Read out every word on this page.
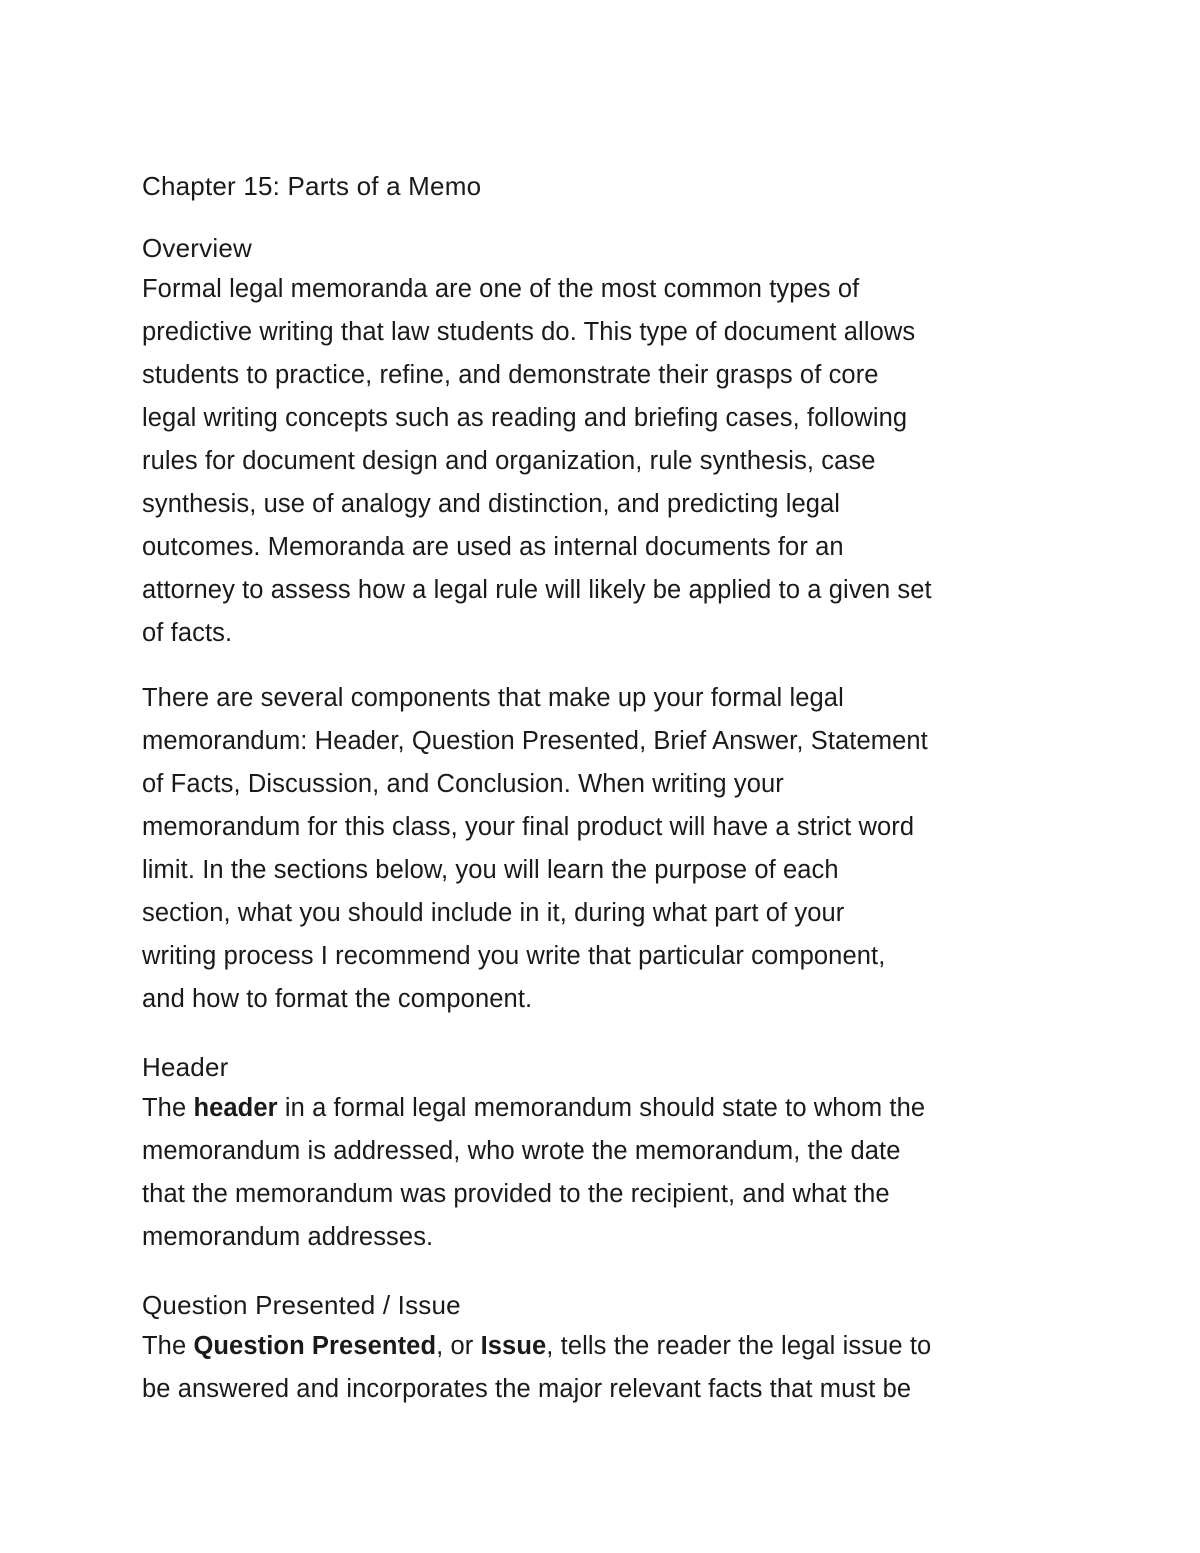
Chapter 15: Parts of a Memo
Overview

Formal legal memoranda are one of the most common types of
predictive writing that law students do. This type of document allows
students to practice, refine, and demonstrate their grasps of core
legal writing concepts such as reading and briefing cases, following
rules for document design and organization, rule synthesis, case
synthesis, use of analogy and distinction, and predicting legal
outcomes. Memoranda are used as internal documents for an
attorney to assess how a legal rule will likely be applied to a given set
of facts.

There are several components that make up your formal legal
memorandum: Header, Question Presented, Brief Answer, Statement
of Facts, Discussion, and Conclusion. When writing your
memorandum for this class, your final product will have a strict word
limit. In the sections below, you will learn the purpose of each
section, what you should include in it, during what part of your
writing process I recommend you write that particular component,
and how to format the component.

Header

The header in a formal legal memorandum should state to whom the
memorandum is addressed, who wrote the memorandum, the date
that the memorandum was provided to the recipient, and what the
memorandum addresses.

Question Presented / Issue

The Question Presented, or Issue, tells the reader the legal issue to
be answered and incorporates the major relevant facts that must be
